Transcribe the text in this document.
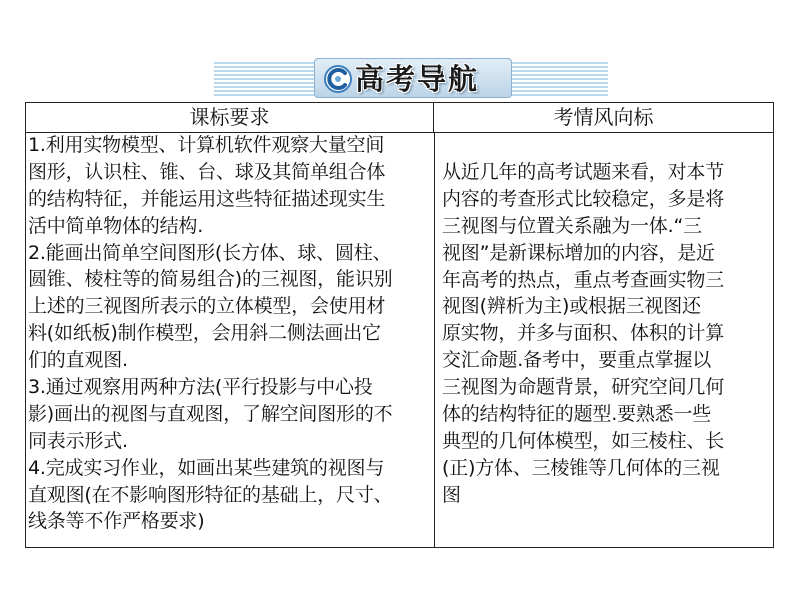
高考导航
课标要求	考情风向标
1.利用实物模型、计算机软件观察大量空间
图形，认识柱、锥、台、球及其简单组合体
的结构特征，并能运用这些特征描述现实生
活中简单物体的结构.
2.能画出简单空间图形(长方体、球、圆柱、
圆锥、棱柱等的简易组合)的三视图，能识别
上述的三视图所表示的立体模型，会使用材
料(如纸板)制作模型，会用斜二侧法画出它
们的直观图.
3.通过观察用两种方法(平行投影与中心投
影)画出的视图与直观图，了解空间图形的不
同表示形式.
4.完成实习作业，如画出某些建筑的视图与
直观图(在不影响图形特征的基础上，尺寸、
线条等不作严格要求)
从近几年的高考试题来看，对本节
内容的考查形式比较稳定，多是将
三视图与位置关系融为一体.“三
视图”是新课标增加的内容，是近
年高考的热点，重点考查画实物三
视图(辨析为主)或根据三视图还
原实物，并多与面积、体积的计算
交汇命题.备考中，要重点掌握以
三视图为命题背景，研究空间几何
体的结构特征的题型.要熟悉一些
典型的几何体模型，如三棱柱、长
(正)方体、三棱锥等几何体的三视
图
